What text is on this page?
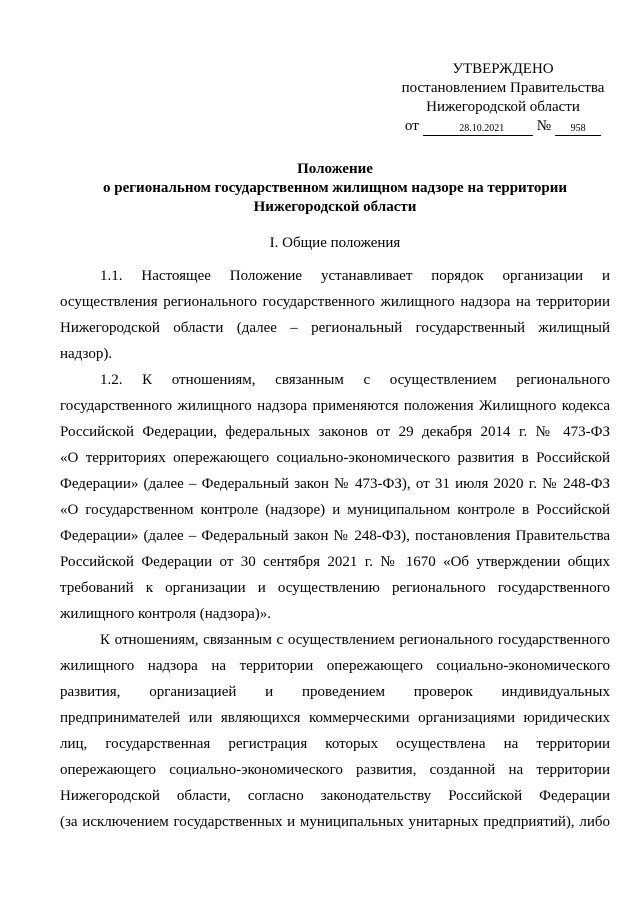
УТВЕРЖДЕНО
постановлением Правительства
Нижегородской области
от	28.10.2021	№	958
Положение
о региональном государственном жилищном надзоре на территории
Нижегородской области
I. Общие положения
1.1. Настоящее Положение устанавливает порядок организации и
осуществления регионального государственного жилищного надзора на территории
Нижегородской области (далее – региональный государственный жилищный
надзор).
1.2. К отношениям, связанным с осуществлением регионального
государственного жилищного надзора применяются положения Жилищного кодекса
Российской Федерации, федеральных законов от 29 декабря 2014 г. № 473-ФЗ
«О территориях опережающего социально-экономического развития в Российской
Федерации» (далее – Федеральный закон № 473-ФЗ), от 31 июля 2020 г. № 248-ФЗ
«О государственном контроле (надзоре) и муниципальном контроле в Российской
Федерации» (далее – Федеральный закон № 248-ФЗ), постановления Правительства
Российской Федерации от 30 сентября 2021 г. № 1670 «Об утверждении общих
требований к организации и осуществлению регионального государственного
жилищного контроля (надзора)».
К отношениям, связанным с осуществлением регионального государственного
жилищного надзора на территории опережающего социально-экономического
развития, организацией и проведением проверок индивидуальных
предпринимателей или являющихся коммерческими организациями юридических
лиц, государственная регистрация которых осуществлена на территории
опережающего социально-экономического развития, созданной на территории
Нижегородской области, согласно законодательству Российской Федерации
(за исключением государственных и муниципальных унитарных предприятий), либо
